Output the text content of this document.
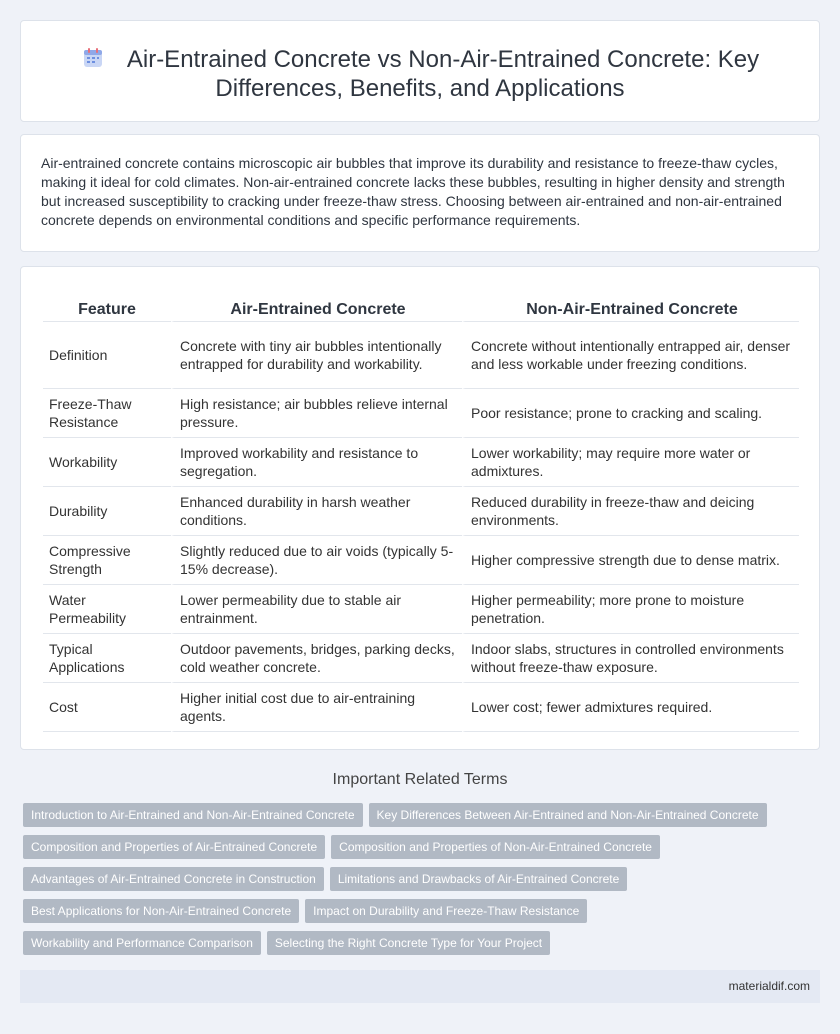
Air-Entrained Concrete vs Non-Air-Entrained Concrete: Key Differences, Benefits, and Applications

Air-entrained concrete contains microscopic air bubbles that improve its durability and resistance to freeze-thaw cycles, making it ideal for cold climates. Non-air-entrained concrete lacks these bubbles, resulting in higher density and strength but increased susceptibility to cracking under freeze-thaw stress. Choosing between air-entrained and non-air-entrained concrete depends on environmental conditions and specific performance requirements.

Feature	Air-Entrained Concrete	Non-Air-Entrained Concrete
Definition	Concrete with tiny air bubbles intentionally entrapped for durability and workability.	Concrete without intentionally entrapped air, denser and less workable under freezing conditions.
Freeze-Thaw Resistance	High resistance; air bubbles relieve internal pressure.	Poor resistance; prone to cracking and scaling.
Workability	Improved workability and resistance to segregation.	Lower workability; may require more water or admixtures.
Durability	Enhanced durability in harsh weather conditions.	Reduced durability in freeze-thaw and deicing environments.
Compressive Strength	Slightly reduced due to air voids (typically 5-15% decrease).	Higher compressive strength due to dense matrix.
Water Permeability	Lower permeability due to stable air entrainment.	Higher permeability; more prone to moisture penetration.
Typical Applications	Outdoor pavements, bridges, parking decks, cold weather concrete.	Indoor slabs, structures in controlled environments without freeze-thaw exposure.
Cost	Higher initial cost due to air-entraining agents.	Lower cost; fewer admixtures required.
Important Related Terms
Introduction to Air-Entrained and Non-Air-Entrained Concrete	Key Differences Between Air-Entrained and Non-Air-Entrained Concrete
Composition and Properties of Air-Entrained Concrete	Composition and Properties of Non-Air-Entrained Concrete
Advantages of Air-Entrained Concrete in Construction	Limitations and Drawbacks of Air-Entrained Concrete
Best Applications for Non-Air-Entrained Concrete	Impact on Durability and Freeze-Thaw Resistance
Workability and Performance Comparison	Selecting the Right Concrete Type for Your Project
materialdif.com
